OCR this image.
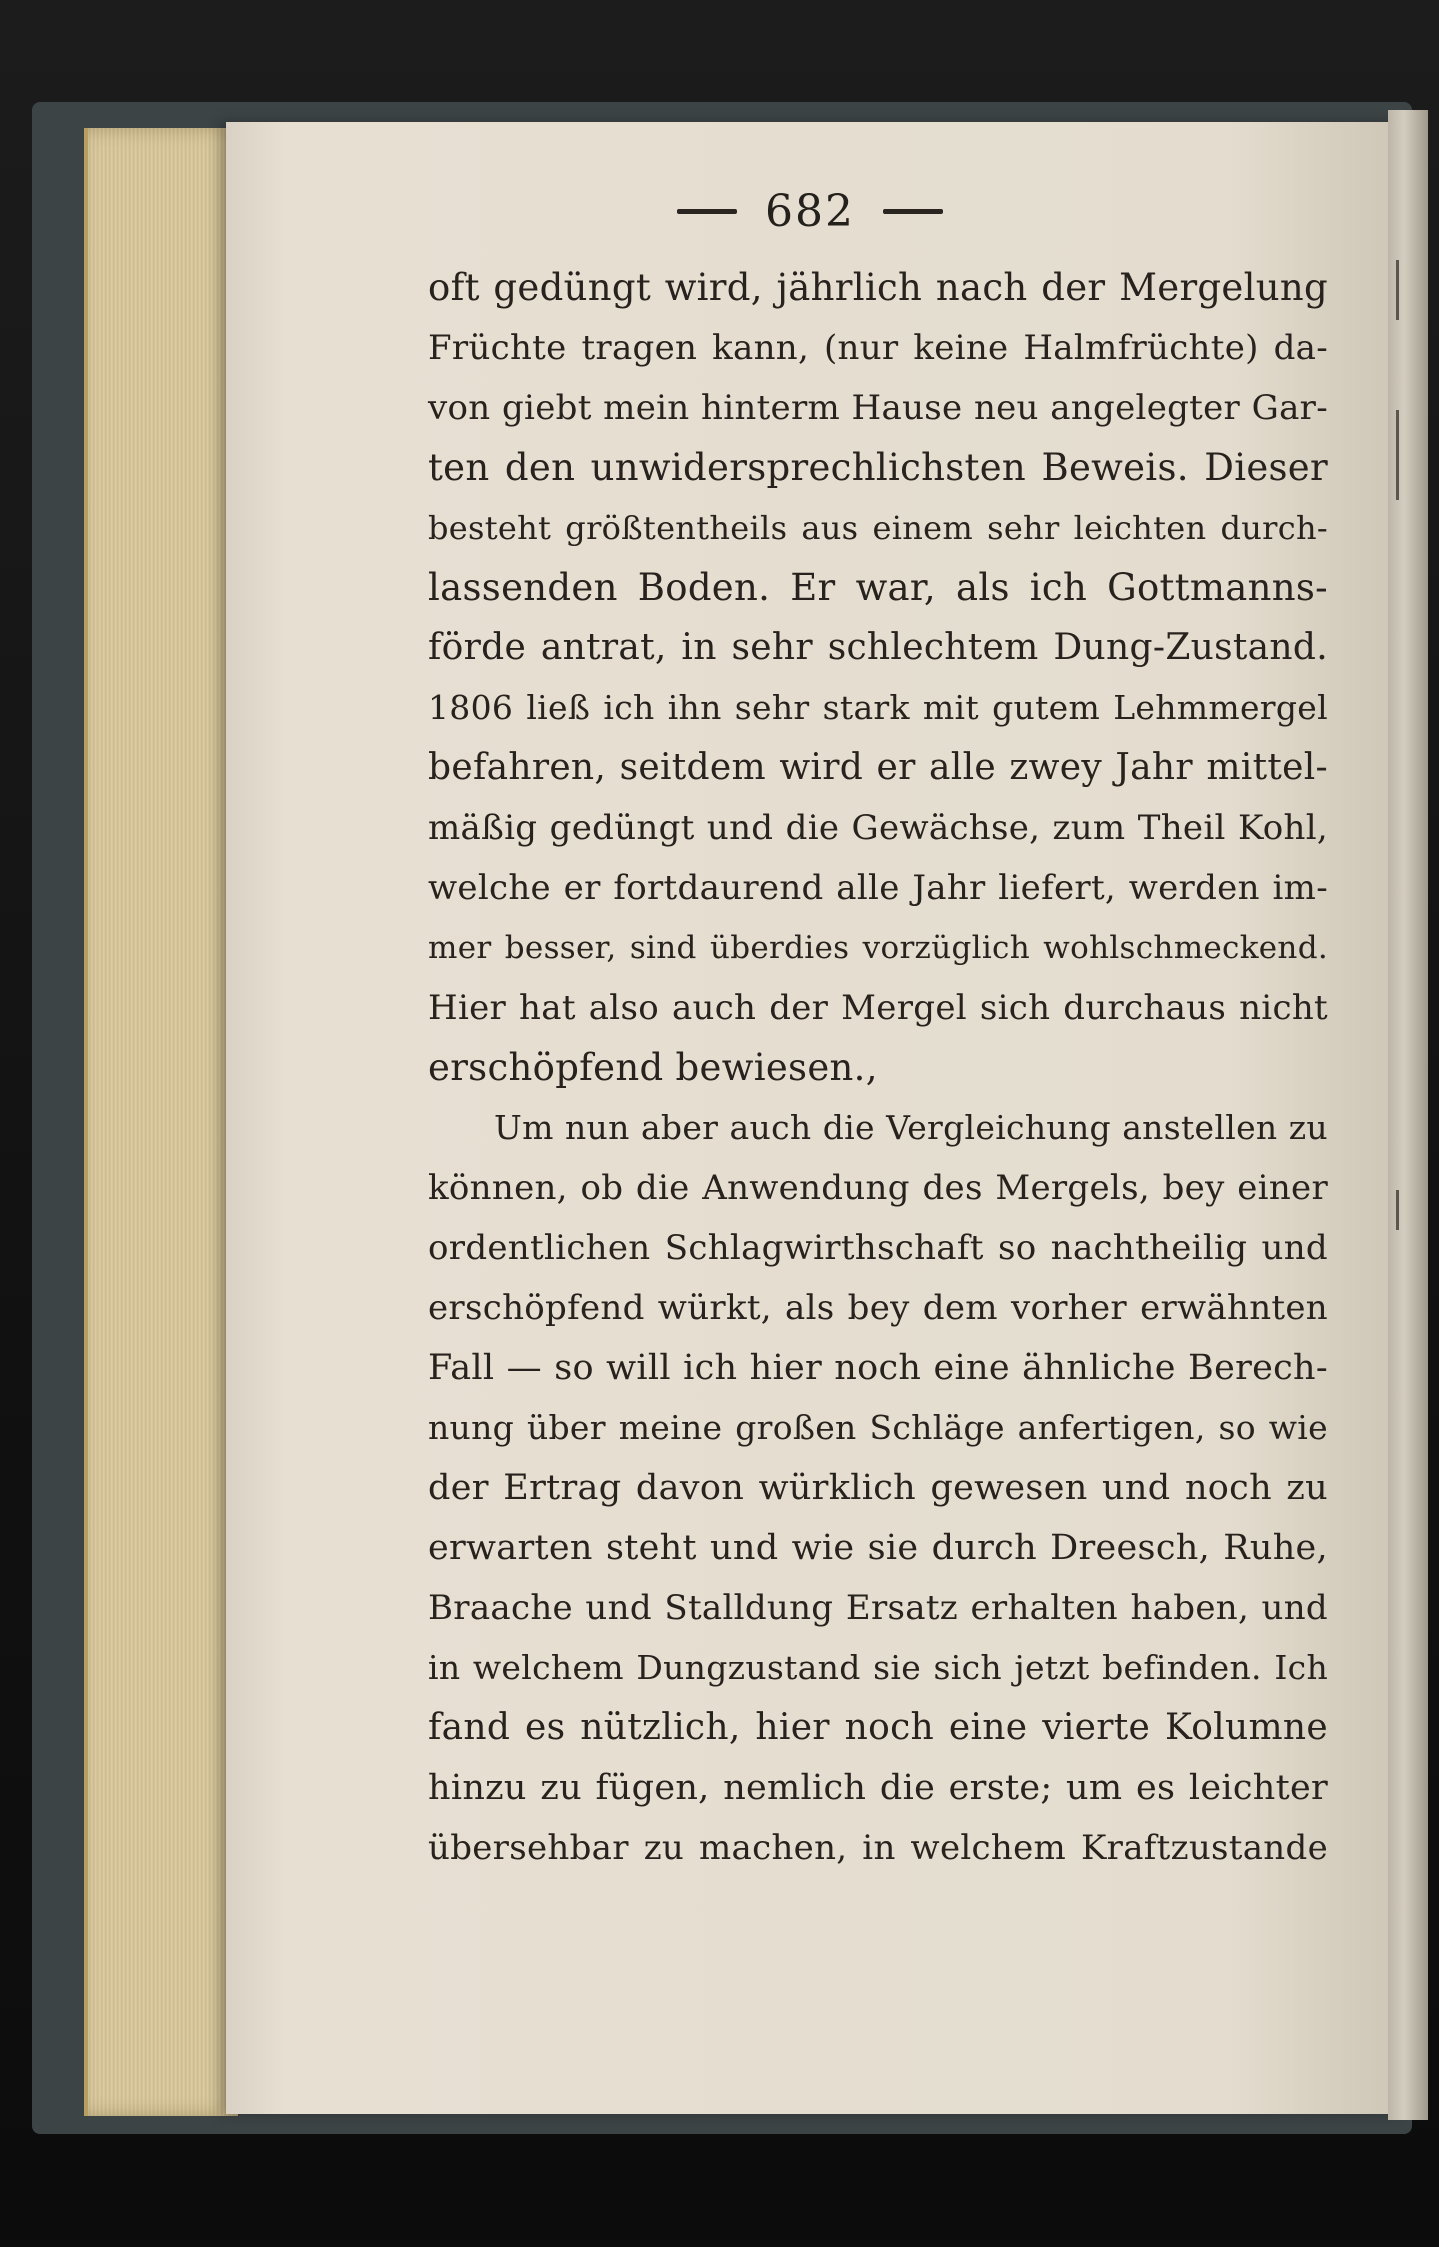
682
oft gedüngt wird, jährlich nach der Mergelung
Früchte tragen kann, (nur keine Halmfrüchte) da-
von giebt mein hinterm Hause neu angelegter Gar-
ten den unwidersprechlichsten Beweis. Dieser
besteht größtentheils aus einem sehr leichten durch-
lassenden Boden. Er war, als ich Gottmanns-
förde antrat, in sehr schlechtem Dung-Zustand.
1806 ließ ich ihn sehr stark mit gutem Lehmmergel
befahren, seitdem wird er alle zwey Jahr mittel-
mäßig gedüngt und die Gewächse, zum Theil Kohl,
welche er fortdaurend alle Jahr liefert, werden im-
mer besser, sind überdies vorzüglich wohlschmeckend.
Hier hat also auch der Mergel sich durchaus nicht
erschöpfend bewiesen.,
Um nun aber auch die Vergleichung anstellen zu
können, ob die Anwendung des Mergels, bey einer
ordentlichen Schlagwirthschaft so nachtheilig und
erschöpfend würkt, als bey dem vorher erwähnten
Fall — so will ich hier noch eine ähnliche Berech-
nung über meine großen Schläge anfertigen, so wie
der Ertrag davon würklich gewesen und noch zu
erwarten steht und wie sie durch Dreesch, Ruhe,
Braache und Stalldung Ersatz erhalten haben, und
in welchem Dungzustand sie sich jetzt befinden. Ich
fand es nützlich, hier noch eine vierte Kolumne
hinzu zu fügen, nemlich die erste; um es leichter
übersehbar zu machen, in welchem Kraftzustande
